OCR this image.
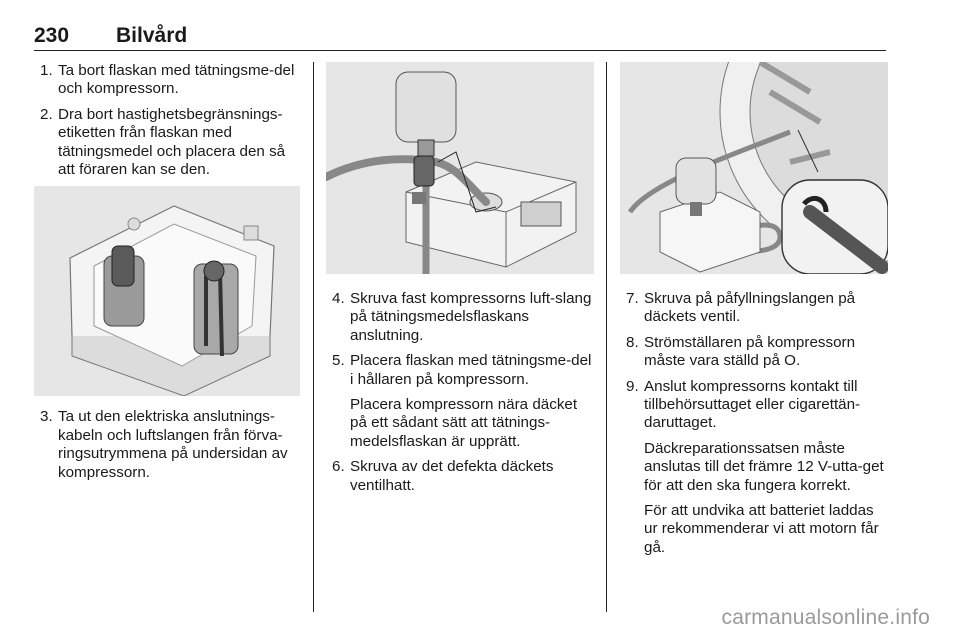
230 Bilvård
1. Ta bort flaskan med tätningsme-del och kompressorn.

2. Dra bort hastighetsbegränsnings-etiketten från flaskan med tätningsmedel och placera den så att föraren kan se den.

3. Ta ut den elektriska anslutnings-kabeln och luftslangen från förva-ringsutrymmena på undersidan av kompressorn.

4. Skruva fast kompressorns luft-slang på tätningsmedelsflaskans anslutning.

5. Placera flaskan med tätningsme-del i hållaren på kompressorn.

Placera kompressorn nära däcket på ett sådant sätt att tätnings-medelsflaskan är upprätt.

6. Skruva av det defekta däckets ventilhatt.

7. Skruva på påfyllningslangen på däckets ventil.

8. Strömställaren på kompressorn måste vara ställd på O.

9. Anslut kompressorns kontakt till tillbehörsuttaget eller cigarettän-daruttaget.

Däckreparationssatsen måste anslutas till det främre 12 V-utta-get för att den ska fungera korrekt.

För att undvika att batteriet laddas ur rekommenderar vi att motorn får gå.

carmanualsonline.info
